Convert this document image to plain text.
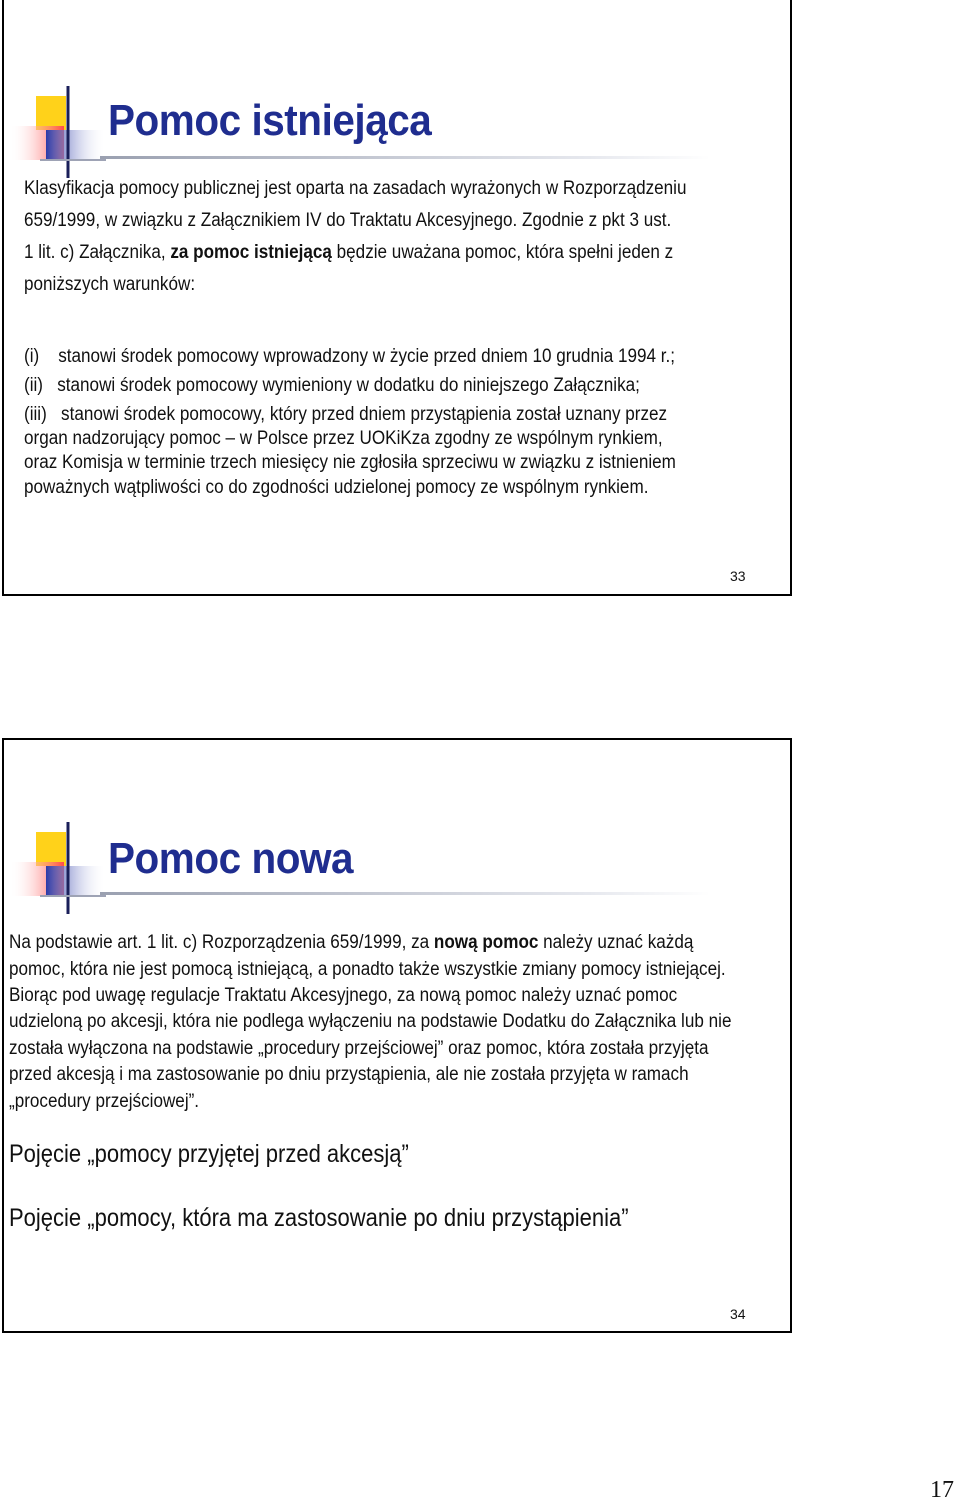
Pomoc istniejąca
Klasyfikacja pomocy publicznej jest oparta na zasadach wyrażonych w Rozporządzeniu
659/1999, w związku z Załącznikiem IV do Traktatu Akcesyjnego. Zgodnie z pkt 3 ust.
1 lit. c) Załącznika, za pomoc istniejącą będzie uważana pomoc, która spełni jeden z
poniższych warunków:
(i)    stanowi środek pomocowy wprowadzony w życie przed dniem 10 grudnia 1994 r.;
(ii)   stanowi środek pomocowy wymieniony w dodatku do niniejszego Załącznika;
(iii)   stanowi środek pomocowy, który przed dniem przystąpienia został uznany przez
organ nadzorujący pomoc – w Polsce przez UOKiKza zgodny ze wspólnym rynkiem,
oraz Komisja w terminie trzech miesięcy nie zgłosiła sprzeciwu w związku z istnieniem
poważnych wątpliwości co do zgodności udzielonej pomocy ze wspólnym rynkiem.
33
Pomoc nowa
Na podstawie art. 1 lit. c) Rozporządzenia 659/1999, za nową pomoc należy uznać każdą
pomoc, która nie jest pomocą istniejącą, a ponadto także wszystkie zmiany pomocy istniejącej.
Biorąc pod uwagę regulacje Traktatu Akcesyjnego, za nową pomoc należy uznać pomoc
udzieloną po akcesji, która nie podlega wyłączeniu na podstawie Dodatku do Załącznika lub nie
została wyłączona na podstawie „procedury przejściowej” oraz pomoc, która została przyjęta
przed akcesją i ma zastosowanie po dniu przystąpienia, ale nie została przyjęta w ramach
„procedury przejściowej”.
Pojęcie „pomocy przyjętej przed akcesją”
Pojęcie „pomocy, która ma zastosowanie po dniu przystąpienia”
34
17
